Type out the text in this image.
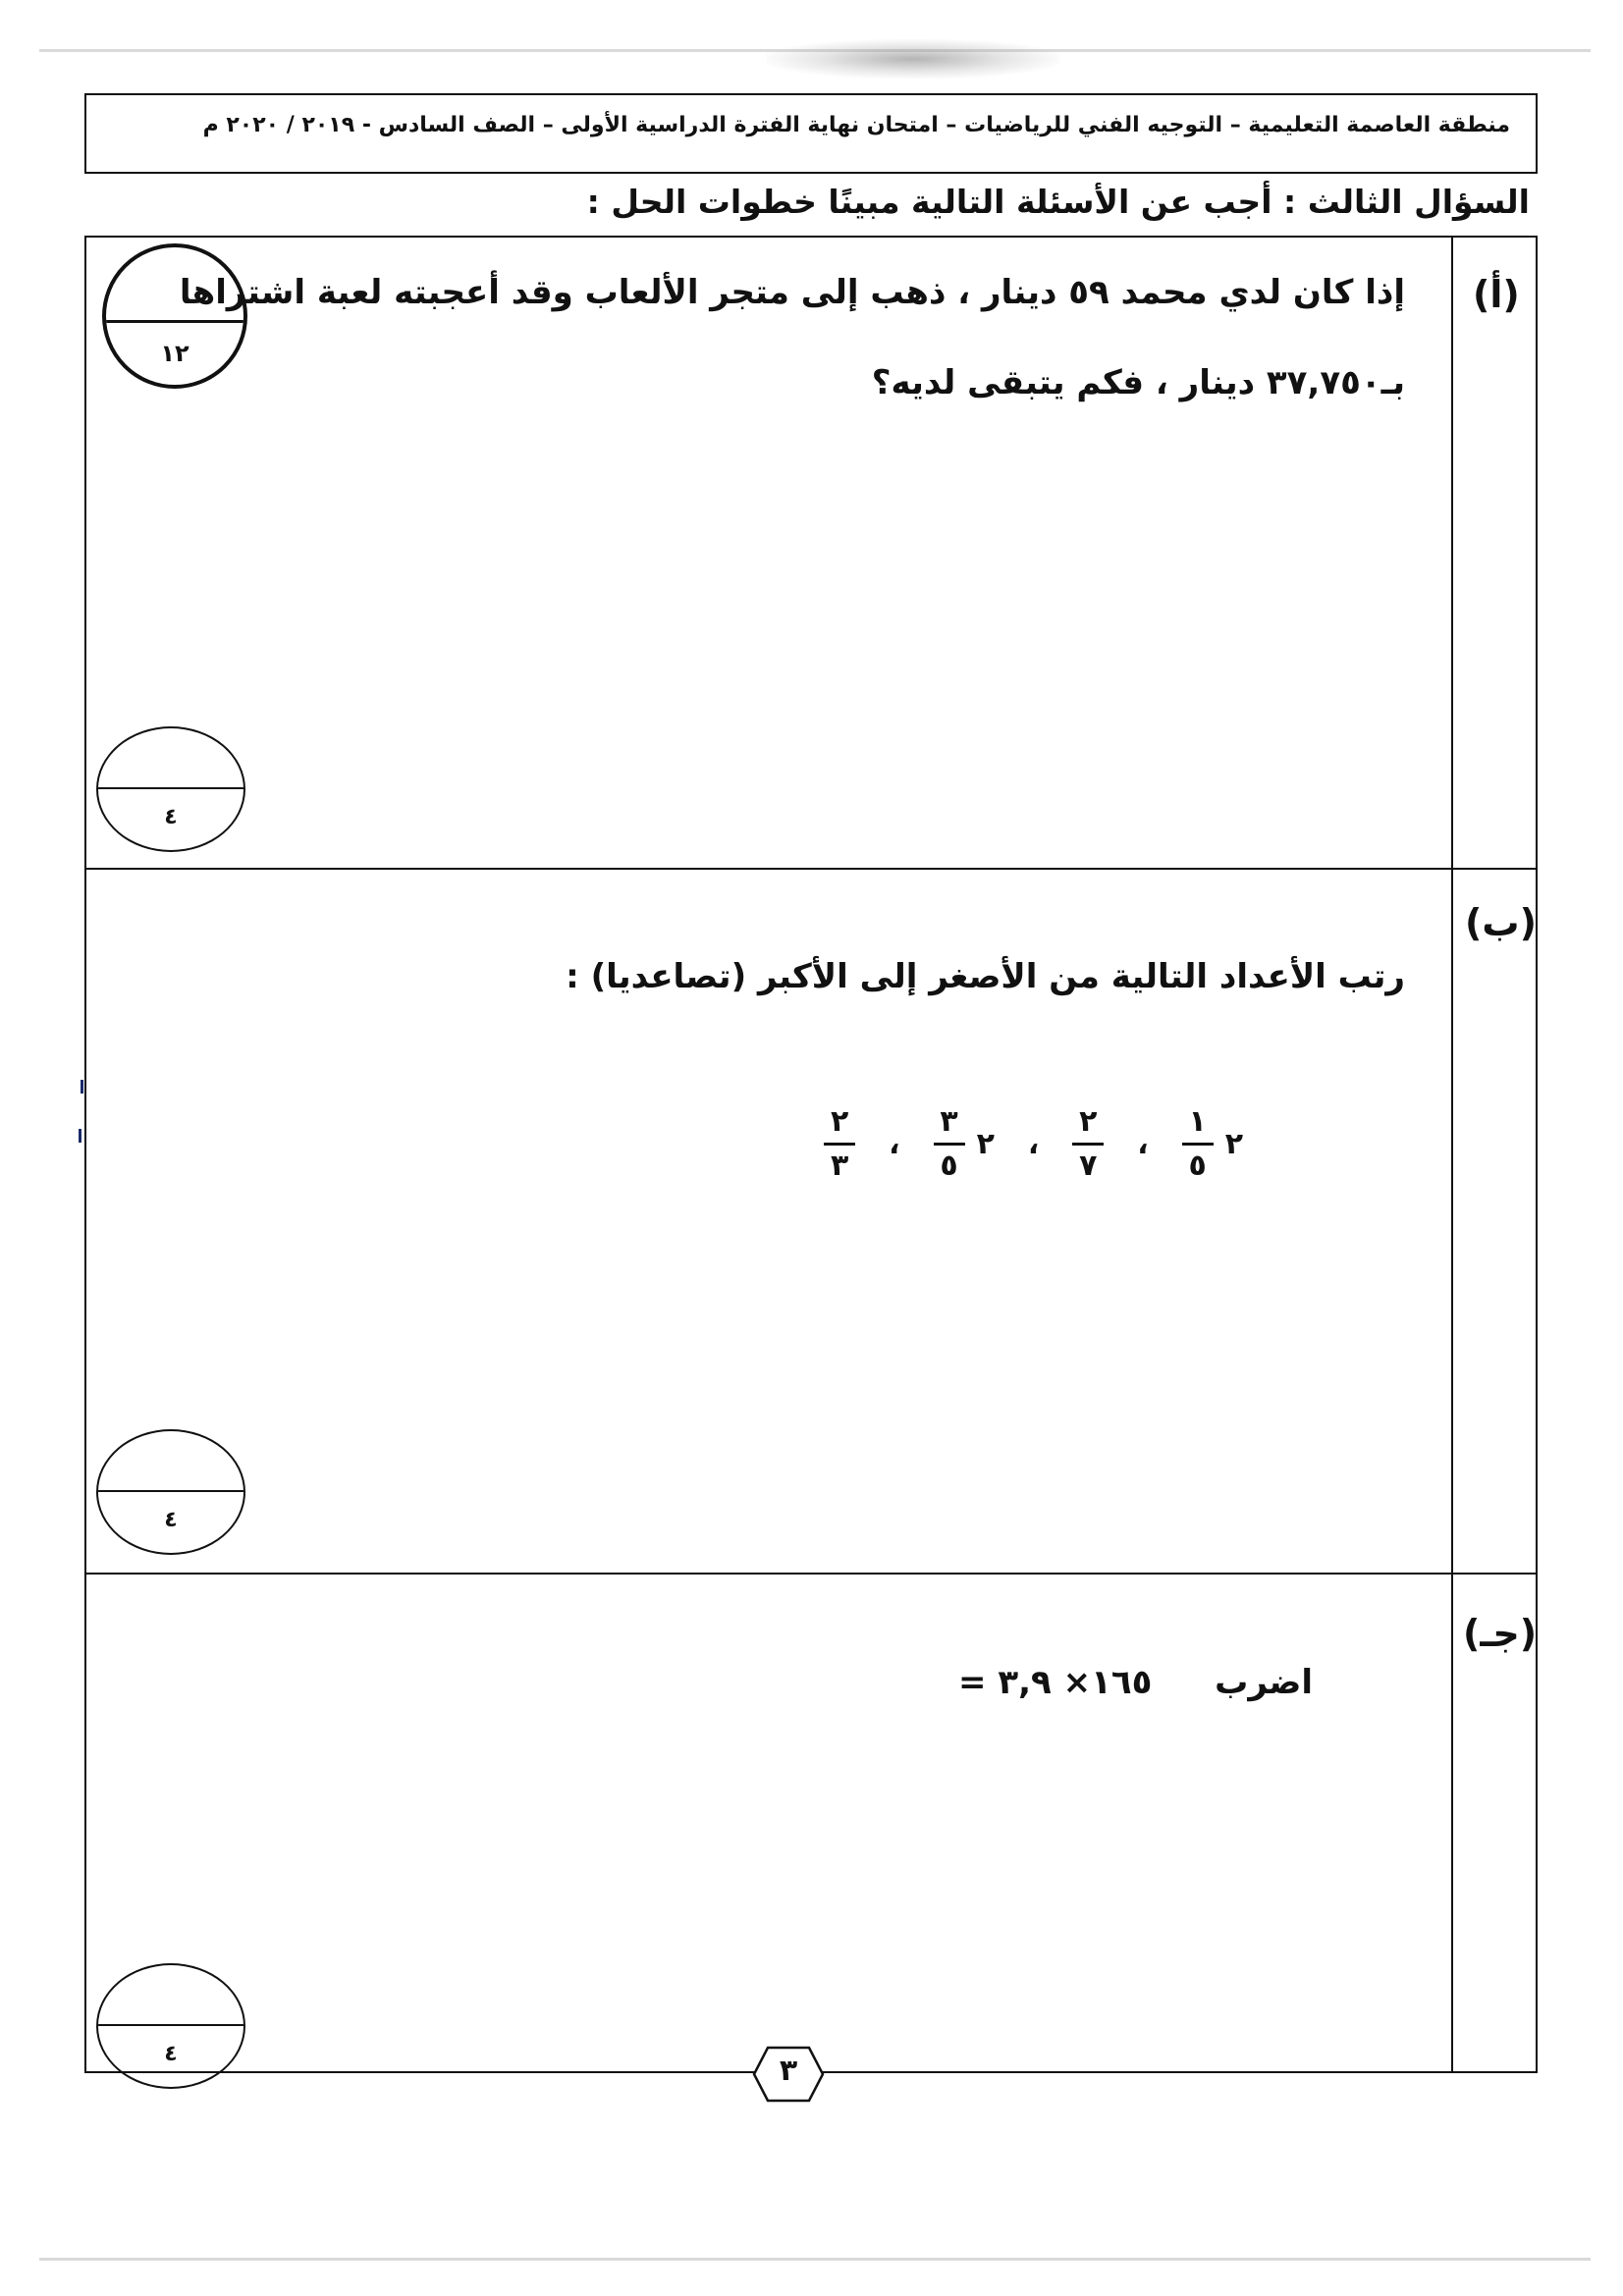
منطقة العاصمة التعليمية – التوجيه الفني للرياضيات – امتحان نهاية الفترة الدراسية الأولى – الصف السادس - ٢٠١٩ / ٢٠٢٠ م
السؤال الثالث : أجب عن الأسئلة التالية مبينًا خطوات الحل :
١٢
(أ)
إذا كان لدي محمد ٥٩ دينار ، ذهب إلى متجر الألعاب وقد أعجبته لعبة اشتراها
بـ٣٧,٧٥٠ دينار ، فكم يتبقى لديه؟
٤
(ب)
رتب الأعداد التالية من الأصغر إلى الأكبر (تصاعديا) :
$\frac{١}{٥}$ ٢
،
$\frac{٢}{٧}$
،
$\frac{٣}{٥}$ ٢
،
$\frac{٢}{٣}$
٤
(جـ)
اضرب
١٦٥× ٣,٩ =
٤	٣
